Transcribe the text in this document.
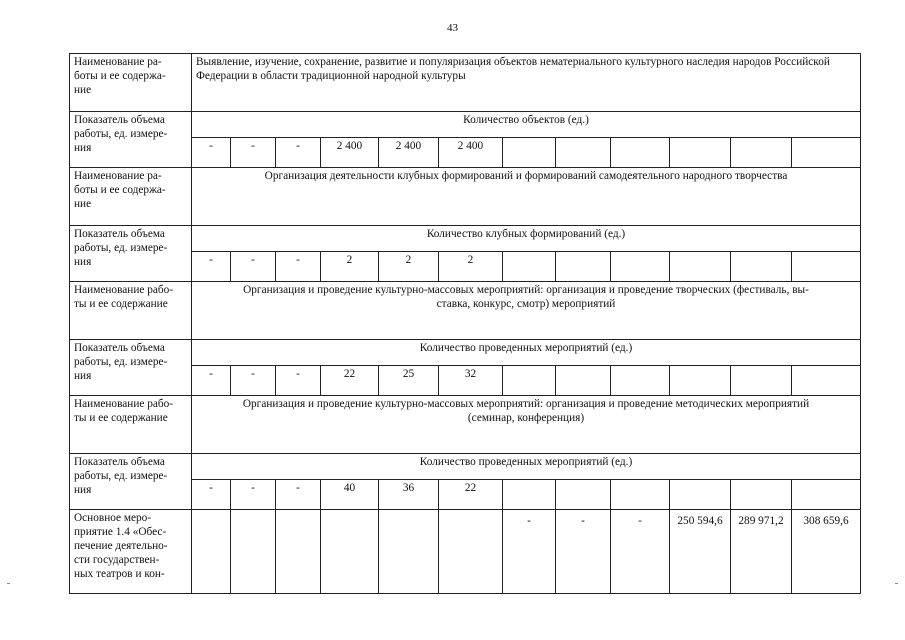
43
Наименование ра-
боты и ее содержа-
ние	Выявление, изучение, сохранение, развитие и популяризация объектов нематериального культурного наследия народов Российской Федерации в области традиционной народной культуры											
Показатель объема
работы, ед. измере-
ния	Количество объектов (ед.)											
	-	-	-	2 400	2 400	2 400						
Наименование ра-
боты и ее содержа-
ние	Организация деятельности клубных формирований и формирований самодеятельного народного творчества											
Показатель объема
работы, ед. измере-
ния	Количество клубных формирований (ед.)											
	-	-	-	2	2	2						
Наименование рабо-
ты и ее содержание	Организация и проведение культурно-массовых мероприятий: организация и проведение творческих (фестиваль, вы-
ставка, конкурс, смотр) мероприятий											
Показатель объема
работы, ед. измере-
ния	Количество проведенных мероприятий (ед.)											
	-	-	-	22	25	32						
Наименование рабо-
ты и ее содержание	Организация и проведение культурно-массовых мероприятий: организация и проведение методических мероприятий
(семинар, конференция)											
Показатель объема
работы, ед. измере-
ния	Количество проведенных мероприятий (ед.)											
	-	-	-	40	36	22						
Основное меро-
приятие 1.4 «Обес-
печение деятельно-
сти государствен-
ных театров и кон-							-	-	-	250 594,6	289 971,2	308 659,6
